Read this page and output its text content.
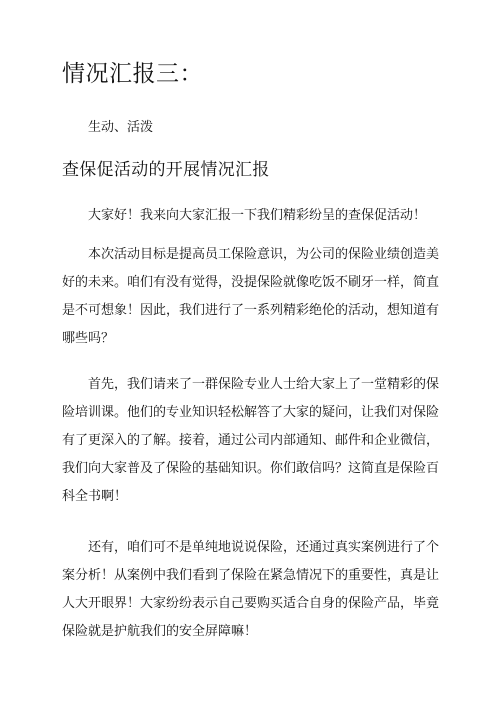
情况汇报三：

生动、活泼

查保促活动的开展情况汇报
大家好！我来向大家汇报一下我们精彩纷呈的查保促活动！
本次活动目标是提高员工保险意识，为公司的保险业绩创造美
好的未来。咱们有没有觉得，没提保险就像吃饭不刷牙一样，简直
是不可想象！因此，我们进行了一系列精彩绝伦的活动，想知道有
哪些吗？
首先，我们请来了一群保险专业人士给大家上了一堂精彩的保
险培训课。他们的专业知识轻松解答了大家的疑问，让我们对保险
有了更深入的了解。接着，通过公司内部通知、邮件和企业微信，
我们向大家普及了保险的基础知识。你们敢信吗？这简直是保险百
科全书啊！
还有，咱们可不是单纯地说说保险，还通过真实案例进行了个
案分析！从案例中我们看到了保险在紧急情况下的重要性，真是让
人大开眼界！大家纷纷表示自己要购买适合自身的保险产品，毕竟
保险就是护航我们的安全屏障嘛！
